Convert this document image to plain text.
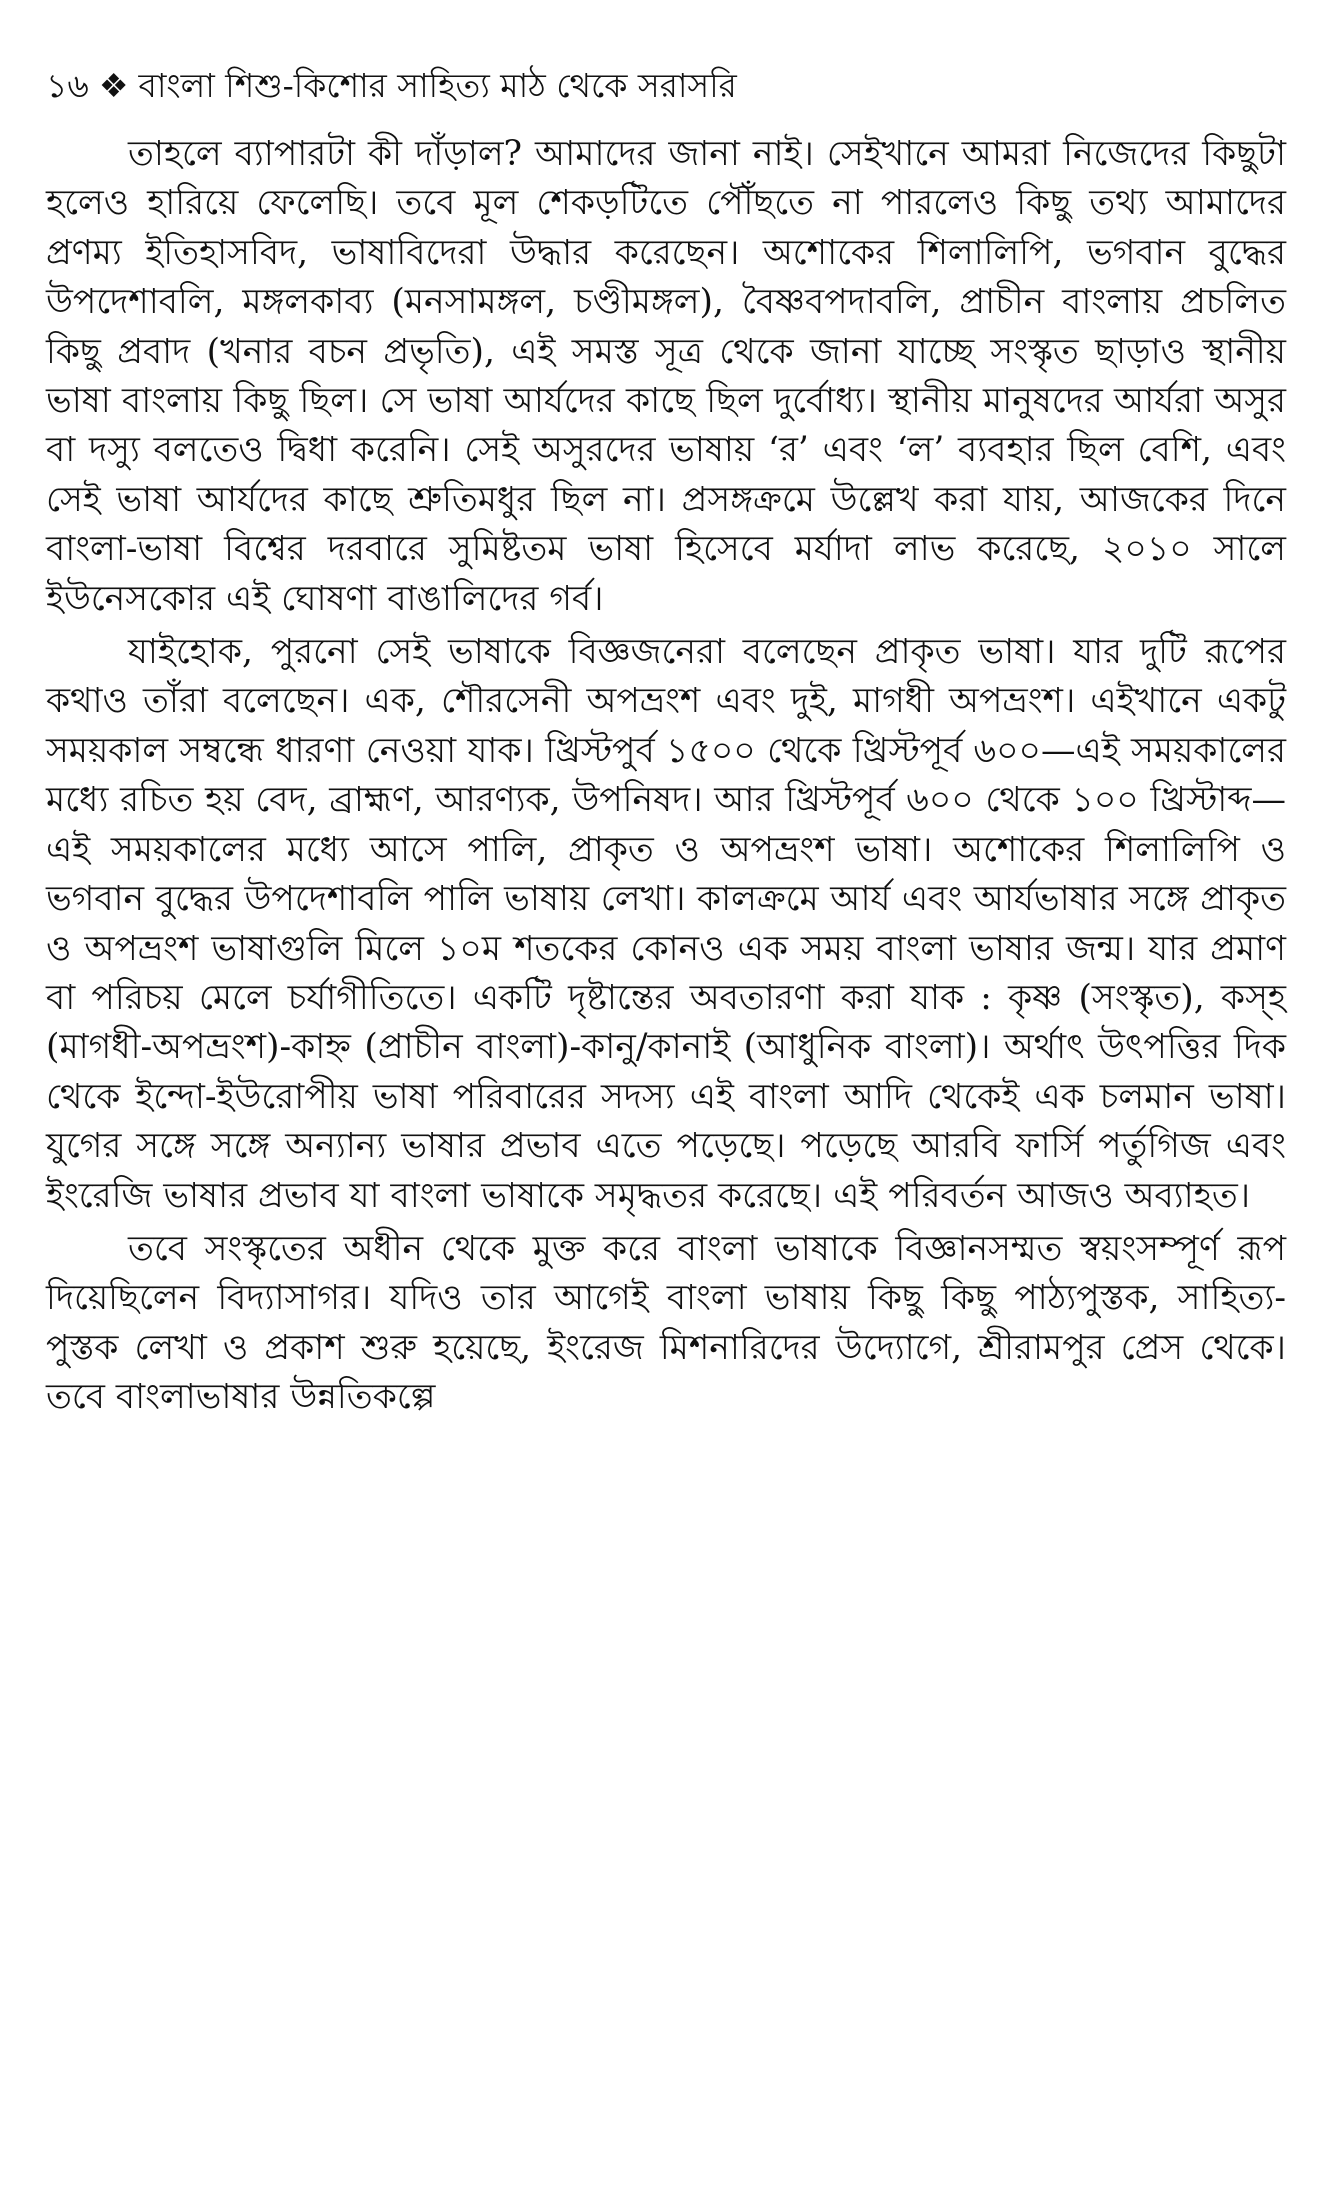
১৬ ❖ বাংলা শিশু-কিশোর সাহিত্য মাঠ থেকে সরাসরি

তাহলে ব্যাপারটা কী দাঁড়াল? আমাদের জানা নাই। সেইখানে আমরা নিজেদের কিছুটা হলেও হারিয়ে ফেলেছি। তবে মূল শেকড়টিতে পৌঁছতে না পারলেও কিছু তথ্য আমাদের প্রণম্য ইতিহাসবিদ, ভাষাবিদেরা উদ্ধার করেছেন। অশোকের শিলালিপি, ভগবান বুদ্ধের উপদেশাবলি, মঙ্গলকাব্য (মনসামঙ্গল, চণ্ডীমঙ্গল), বৈষ্ণবপদাবলি, প্রাচীন বাংলায় প্রচলিত কিছু প্রবাদ (খনার বচন প্রভৃতি), এই সমস্ত সূত্র থেকে জানা যাচ্ছে সংস্কৃত ছাড়াও স্থানীয় ভাষা বাংলায় কিছু ছিল। সে ভাষা আর্যদের কাছে ছিল দুর্বোধ্য। স্থানীয় মানুষদের আর্যরা অসুর বা দস্যু বলতেও দ্বিধা করেনি। সেই অসুরদের ভাষায় ‘র’ এবং ‘ল’ ব্যবহার ছিল বেশি, এবং সেই ভাষা আর্যদের কাছে শ্রুতিমধুর ছিল না। প্রসঙ্গক্রমে উল্লেখ করা যায়, আজকের দিনে বাংলা-ভাষা বিশ্বের দরবারে সুমিষ্টতম ভাষা হিসেবে মর্যাদা লাভ করেছে, ২০১০ সালে ইউনেসকোর এই ঘোষণা বাঙালিদের গর্ব।

যাইহোক, পুরনো সেই ভাষাকে বিজ্ঞজনেরা বলেছেন প্রাকৃত ভাষা। যার দুটি রূপের কথাও তাঁরা বলেছেন। এক, শৌরসেনী অপভ্রংশ এবং দুই, মাগধী অপভ্রংশ। এইখানে একটু সময়কাল সম্বন্ধে ধারণা নেওয়া যাক। খ্রিস্টপুর্ব ১৫০০ থেকে খ্রিস্টপূর্ব ৬০০—এই সময়কালের মধ্যে রচিত হয় বেদ, ব্রাহ্মণ, আরণ্যক, উপনিষদ। আর খ্রিস্টপূর্ব ৬০০ থেকে ১০০ খ্রিস্টাব্দ—এই সময়কালের মধ্যে আসে পালি, প্রাকৃত ও অপভ্রংশ ভাষা। অশোকের শিলালিপি ও ভগবান বুদ্ধের উপদেশাবলি পালি ভাষায় লেখা। কালক্রমে আর্য এবং আর্যভাষার সঙ্গে প্রাকৃত ও অপভ্রংশ ভাষাগুলি মিলে ১০ম শতকের কোনও এক সময় বাংলা ভাষার জন্ম। যার প্রমাণ বা পরিচয় মেলে চর্যাগীতিতে। একটি দৃষ্টান্তের অবতারণা করা যাক : কৃষ্ণ (সংস্কৃত), কস্‌হ (মাগধী-অপভ্রংশ)-কাহ্ন (প্রাচীন বাংলা)-কানু/কানাই (আধুনিক বাংলা)। অর্থাৎ উৎপত্তির দিক থেকে ইন্দো-ইউরোপীয় ভাষা পরিবারের সদস্য এই বাংলা আদি থেকেই এক চলমান ভাষা। যুগের সঙ্গে সঙ্গে অন্যান্য ভাষার প্রভাব এতে পড়েছে। পড়েছে আরবি ফার্সি পর্তুগিজ এবং ইংরেজি ভাষার প্রভাব যা বাংলা ভাষাকে সমৃদ্ধতর করেছে। এই পরিবর্তন আজও অব্যাহত।

তবে সংস্কৃতের অধীন থেকে মুক্ত করে বাংলা ভাষাকে বিজ্ঞানসম্মত স্বয়ংসম্পূর্ণ রূপ দিয়েছিলেন বিদ্যাসাগর। যদিও তার আগেই বাংলা ভাষায় কিছু কিছু পাঠ্যপুস্তক, সাহিত্য-পুস্তক লেখা ও প্রকাশ শুরু হয়েছে, ইংরেজ মিশনারিদের উদ্যোগে, শ্রীরামপুর প্রেস থেকে। তবে বাংলাভাষার উন্নতিকল্পে
